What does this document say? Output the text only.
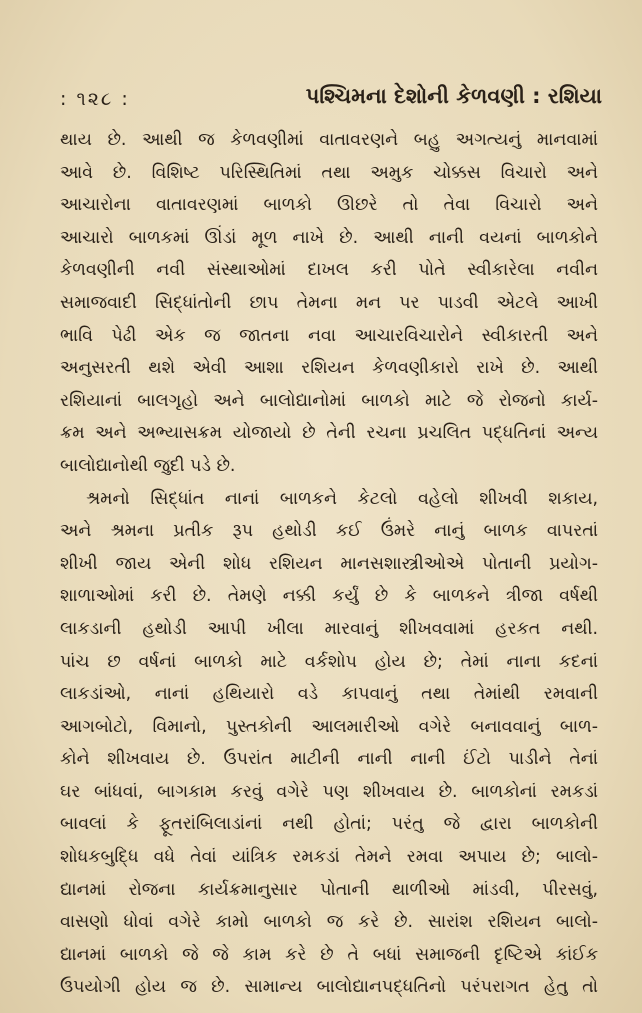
: ૧૨૮ :	પશ્ચિમના દેશોની કેળવણી : રશિયા
થાય છે. આથી જ કેળવણીમાં વાતાવરણને બહુ અગત્યનું માનવામાં
આવે છે. વિશિષ્ટ પરિસ્થિતિમાં તથા અમુક ચોક્કસ વિચારો અને
આચારોના વાતાવરણમાં બાળકો ઊછરે તો તેવા વિચારો અને
આચારો બાળકમાં ઊંડાં મૂળ નાખે છે. આથી નાની વયનાં બાળકોને
કેળવણીની નવી સંસ્થાઓમાં દાખલ કરી પોતે સ્વીકારેલા નવીન
સમાજવાદી સિદ્ધાંતોની છાપ તેમના મન પર પાડવી એટલે આખી
ભાવિ પેઢી એક જ જાતના નવા આચારવિચારોને સ્વીકારતી અને
અનુસરતી થશે એવી આશા રશિયન કેળવણીકારો રાખે છે. આથી
રશિયાનાં બાલગૃહો અને બાલોદ્યાનોમાં બાળકો માટે જે રોજનો કાર્ય-
ક્રમ અને અભ્યાસક્રમ યોજાયો છે તેની રચના પ્રચલિત પદ્ધતિનાં અન્ય
બાલોદ્યાનોથી જુદી પડે છે.
શ્રમનો સિદ્ધાંત નાનાં બાળકને કેટલો વહેલો શીખવી શકાય,
અને શ્રમના પ્રતીક રૂપ હથોડી કઈ ઉંમરે નાનું બાળક વાપરતાં
શીખી જાય એની શોધ રશિયન માનસશાસ્ત્રીઓએ પોતાની પ્રયોગ-
શાળાઓમાં કરી છે. તેમણે નક્કી કર્યું છે કે બાળકને ત્રીજા વર્ષથી
લાકડાની હથોડી આપી ખીલા મારવાનું શીખવવામાં હરકત નથી.
પાંચ છ વર્ષનાં બાળકો માટે વર્કશોપ હોય છે; તેમાં નાના કદનાં
લાકડાંઓ, નાનાં હથિયારો વડે કાપવાનું તથા તેમાંથી રમવાની
આગબોટો, વિમાનો, પુસ્તકોની આલમારીઓ વગેરે બનાવવાનું બાળ-
કોને શીખવાય છે. ઉપરાંત માટીની નાની નાની ઈંટો પાડીને તેનાં
ઘર બાંધવાં, બાગકામ કરવું વગેરે પણ શીખવાય છે. બાળકોનાં રમકડાં
બાવલાં કે ફૂતરાંબિલાડાંનાં નથી હોતાં; પરંતુ જે દ્વારા બાળકોની
શોધકબુદ્ધિ વધે તેવાં યાંત્રિક રમકડાં તેમને રમવા અપાય છે; બાલો-
દ્યાનમાં રોજના કાર્યક્રમાનુસાર પોતાની થાળીઓ માંડવી, પીરસવું,
વાસણો ધોવાં વગેરે કામો બાળકો જ કરે છે. સારાંશ રશિયન બાલો-
દ્યાનમાં બાળકો જે જે કામ કરે છે તે બધાં સમાજની દૃષ્ટિએ કાંઈક
ઉપયોગી હોય જ છે. સામાન્ય બાલોદ્યાનપદ્ધતિનો પરંપરાગત હેતુ તો
